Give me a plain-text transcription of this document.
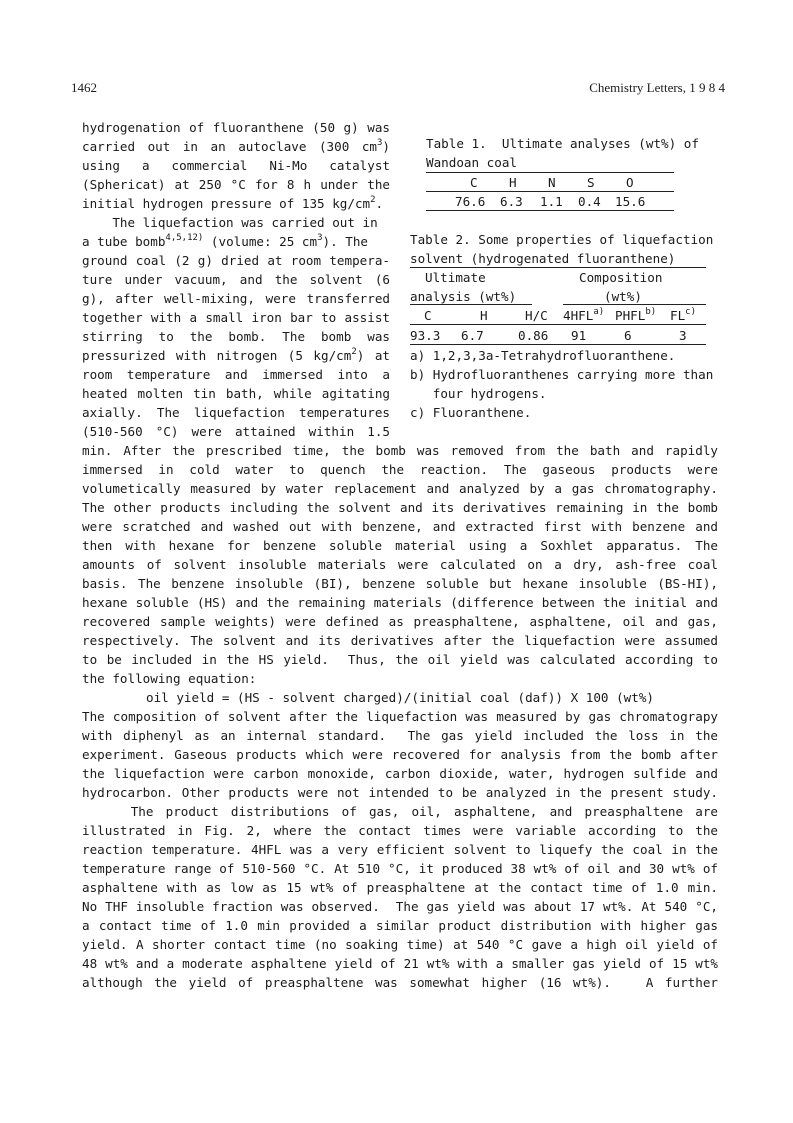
1462	Chemistry Letters, 1 9 8 4
hydrogenation of fluoranthene (50 g) was
carried out in an autoclave (300 $cm^3$)
using a commercial Ni-Mo catalyst
(Sphericat) at 250 °C for 8 h under the
initial hydrogen pressure of 135 $kg/cm^2$.
The liquefaction was carried out in
a tube bomb$^{4,5,12)}$ (volume: 25 $cm^3$). The
ground coal (2 g) dried at room tempera-
ture under vacuum, and the solvent (6
g), after well-mixing, were transferred
together with a small iron bar to assist
stirring to the bomb. The bomb was
pressurized with nitrogen (5 $kg/cm^2$) at
room temperature and immersed into a
heated molten tin bath, while agitating
axially. The liquefaction temperatures
(510-560 °C) were attained within 1.5
Table 1.  Ultimate analyses (wt%) of
Wandoan coal
C H N S O
76.6 6.3 1.1 0.4 15.6
Table 2. Some properties of liquefaction
solvent (hydrogenated fluoranthene)
Ultimate	Composition
analysis (wt%)	(wt%)
C	H	H/C 4HFL$^{a)}$ PHFL$^{b)}$ FL$^{c)}$
93.3 6.7	0.86 91	6	3
a) 1,2,3,3a-Tetrahydrofluoranthene.
b) Hydrofluoranthenes carrying more than
four hydrogens.
c) Fluoranthene.
min. After the prescribed time, the bomb was removed from the bath and rapidly
immersed in cold water to quench the reaction. The gaseous products were
volumetically measured by water replacement and analyzed by a gas chromatography.
The other products including the solvent and its derivatives remaining in the bomb
were scratched and washed out with benzene, and extracted first with benzene and
then with hexane for benzene soluble material using a Soxhlet apparatus. The
amounts of solvent insoluble materials were calculated on a dry, ash-free coal
basis. The benzene insoluble (BI), benzene soluble but hexane insoluble (BS-HI),
hexane soluble (HS) and the remaining materials (difference between the initial and
recovered sample weights) were defined as preasphaltene, asphaltene, oil and gas,
respectively. The solvent and its derivatives after the liquefaction were assumed
to be included in the HS yield.  Thus, the oil yield was calculated according to
the following equation:
oil yield = (HS - solvent charged)/(initial coal (daf)) X 100 (wt%)
The composition of solvent after the liquefaction was measured by gas chromatograpy
with diphenyl as an internal standard.  The gas yield included the loss in the
experiment. Gaseous products which were recovered for analysis from the bomb after
the liquefaction were carbon monoxide, carbon dioxide, water, hydrogen sulfide and
hydrocarbon. Other products were not intended to be analyzed in the present study.
The product distributions of gas, oil, asphaltene, and preasphaltene are
illustrated in Fig. 2, where the contact times were variable according to the
reaction temperature. 4HFL was a very efficient solvent to liquefy the coal in the
temperature range of 510-560 °C. At 510 °C, it produced 38 wt% of oil and 30 wt% of
asphaltene with as low as 15 wt% of preasphaltene at the contact time of 1.0 min.
No THF insoluble fraction was observed.  The gas yield was about 17 wt%. At 540 °C,
a contact time of 1.0 min provided a similar product distribution with higher gas
yield. A shorter contact time (no soaking time) at 540 °C gave a high oil yield of
48 wt% and a moderate asphaltene yield of 21 wt% with a smaller gas yield of 15 wt%
although the yield of preasphaltene was somewhat higher (16 wt%).   A further
